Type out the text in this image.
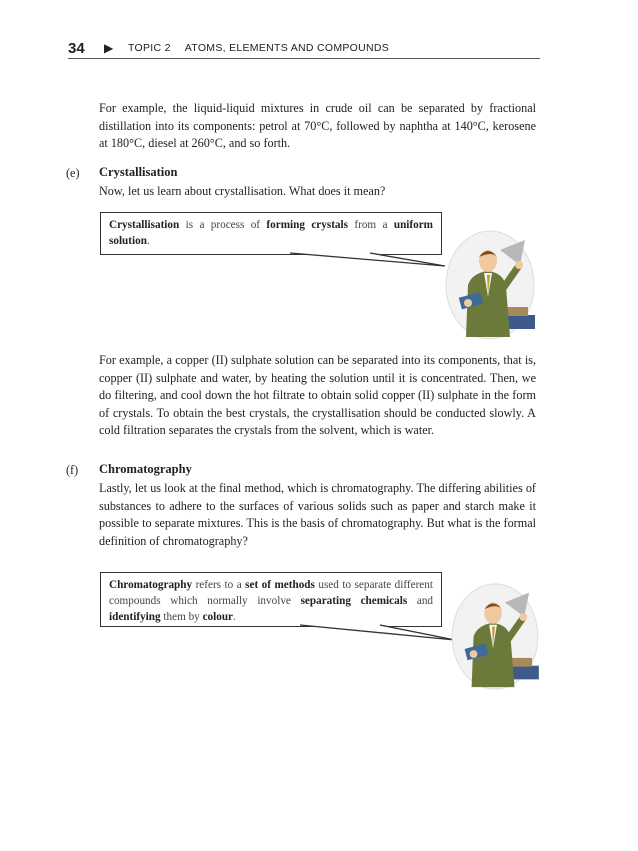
34 ▶ TOPIC 2 ATOMS, ELEMENTS AND COMPOUNDS
For example, the liquid-liquid mixtures in crude oil can be separated by fractional distillation into its components: petrol at 70°C, followed by naphtha at 140°C, kerosene at 180°C, diesel at 260°C, and so forth.
(e) Crystallisation
Now, let us learn about crystallisation. What does it mean?
Crystallisation is a process of forming crystals from a uniform solution.
For example, a copper (II) sulphate solution can be separated into its components, that is, copper (II) sulphate and water, by heating the solution until it is concentrated. Then, we do filtering, and cool down the hot filtrate to obtain solid copper (II) sulphate in the form of crystals. To obtain the best crystals, the crystallisation should be conducted slowly. A cold filtration separates the crystals from the solvent, which is water.
(f) Chromatography
Lastly, let us look at the final method, which is chromatography. The differing abilities of substances to adhere to the surfaces of various solids such as paper and starch make it possible to separate mixtures. This is the basis of chromatography. But what is the formal definition of chromatography?
Chromatography refers to a set of methods used to separate different compounds which normally involve separating chemicals and identifying them by colour.
